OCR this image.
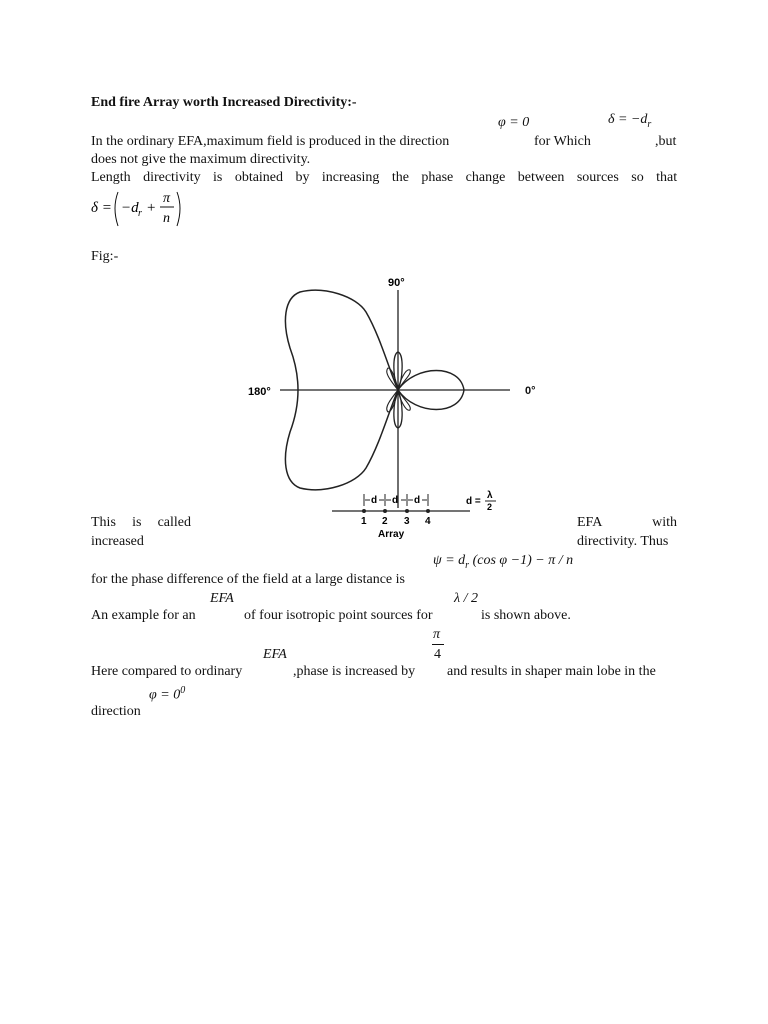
End fire Array worth Increased Directivity:-
φ = 0	$\delta = -d_r$
In the ordinary EFA,maximum field is produced in the direction	for Which	,but
does not give the maximum directivity.
Length directivity is obtained by increasing the phase change between sources so that
δ = −d r +
π
n
Fig:-
90°
180°
d d d	d =
λ
2
1 2 3 4
Array
0°
This is called
increased
EFA	with
directivity. Thus
$\psi = d_r$ (cos φ −1) − π / n
for the phase difference of the field at a large distance is
EFA	λ / 2
An example for an	of four isotropic point sources for	is shown above.
π
4
EFA
Here compared to ordinary	,phase is increased by and results in shaper main lobe in the
$\varphi = 0^0$
direction
